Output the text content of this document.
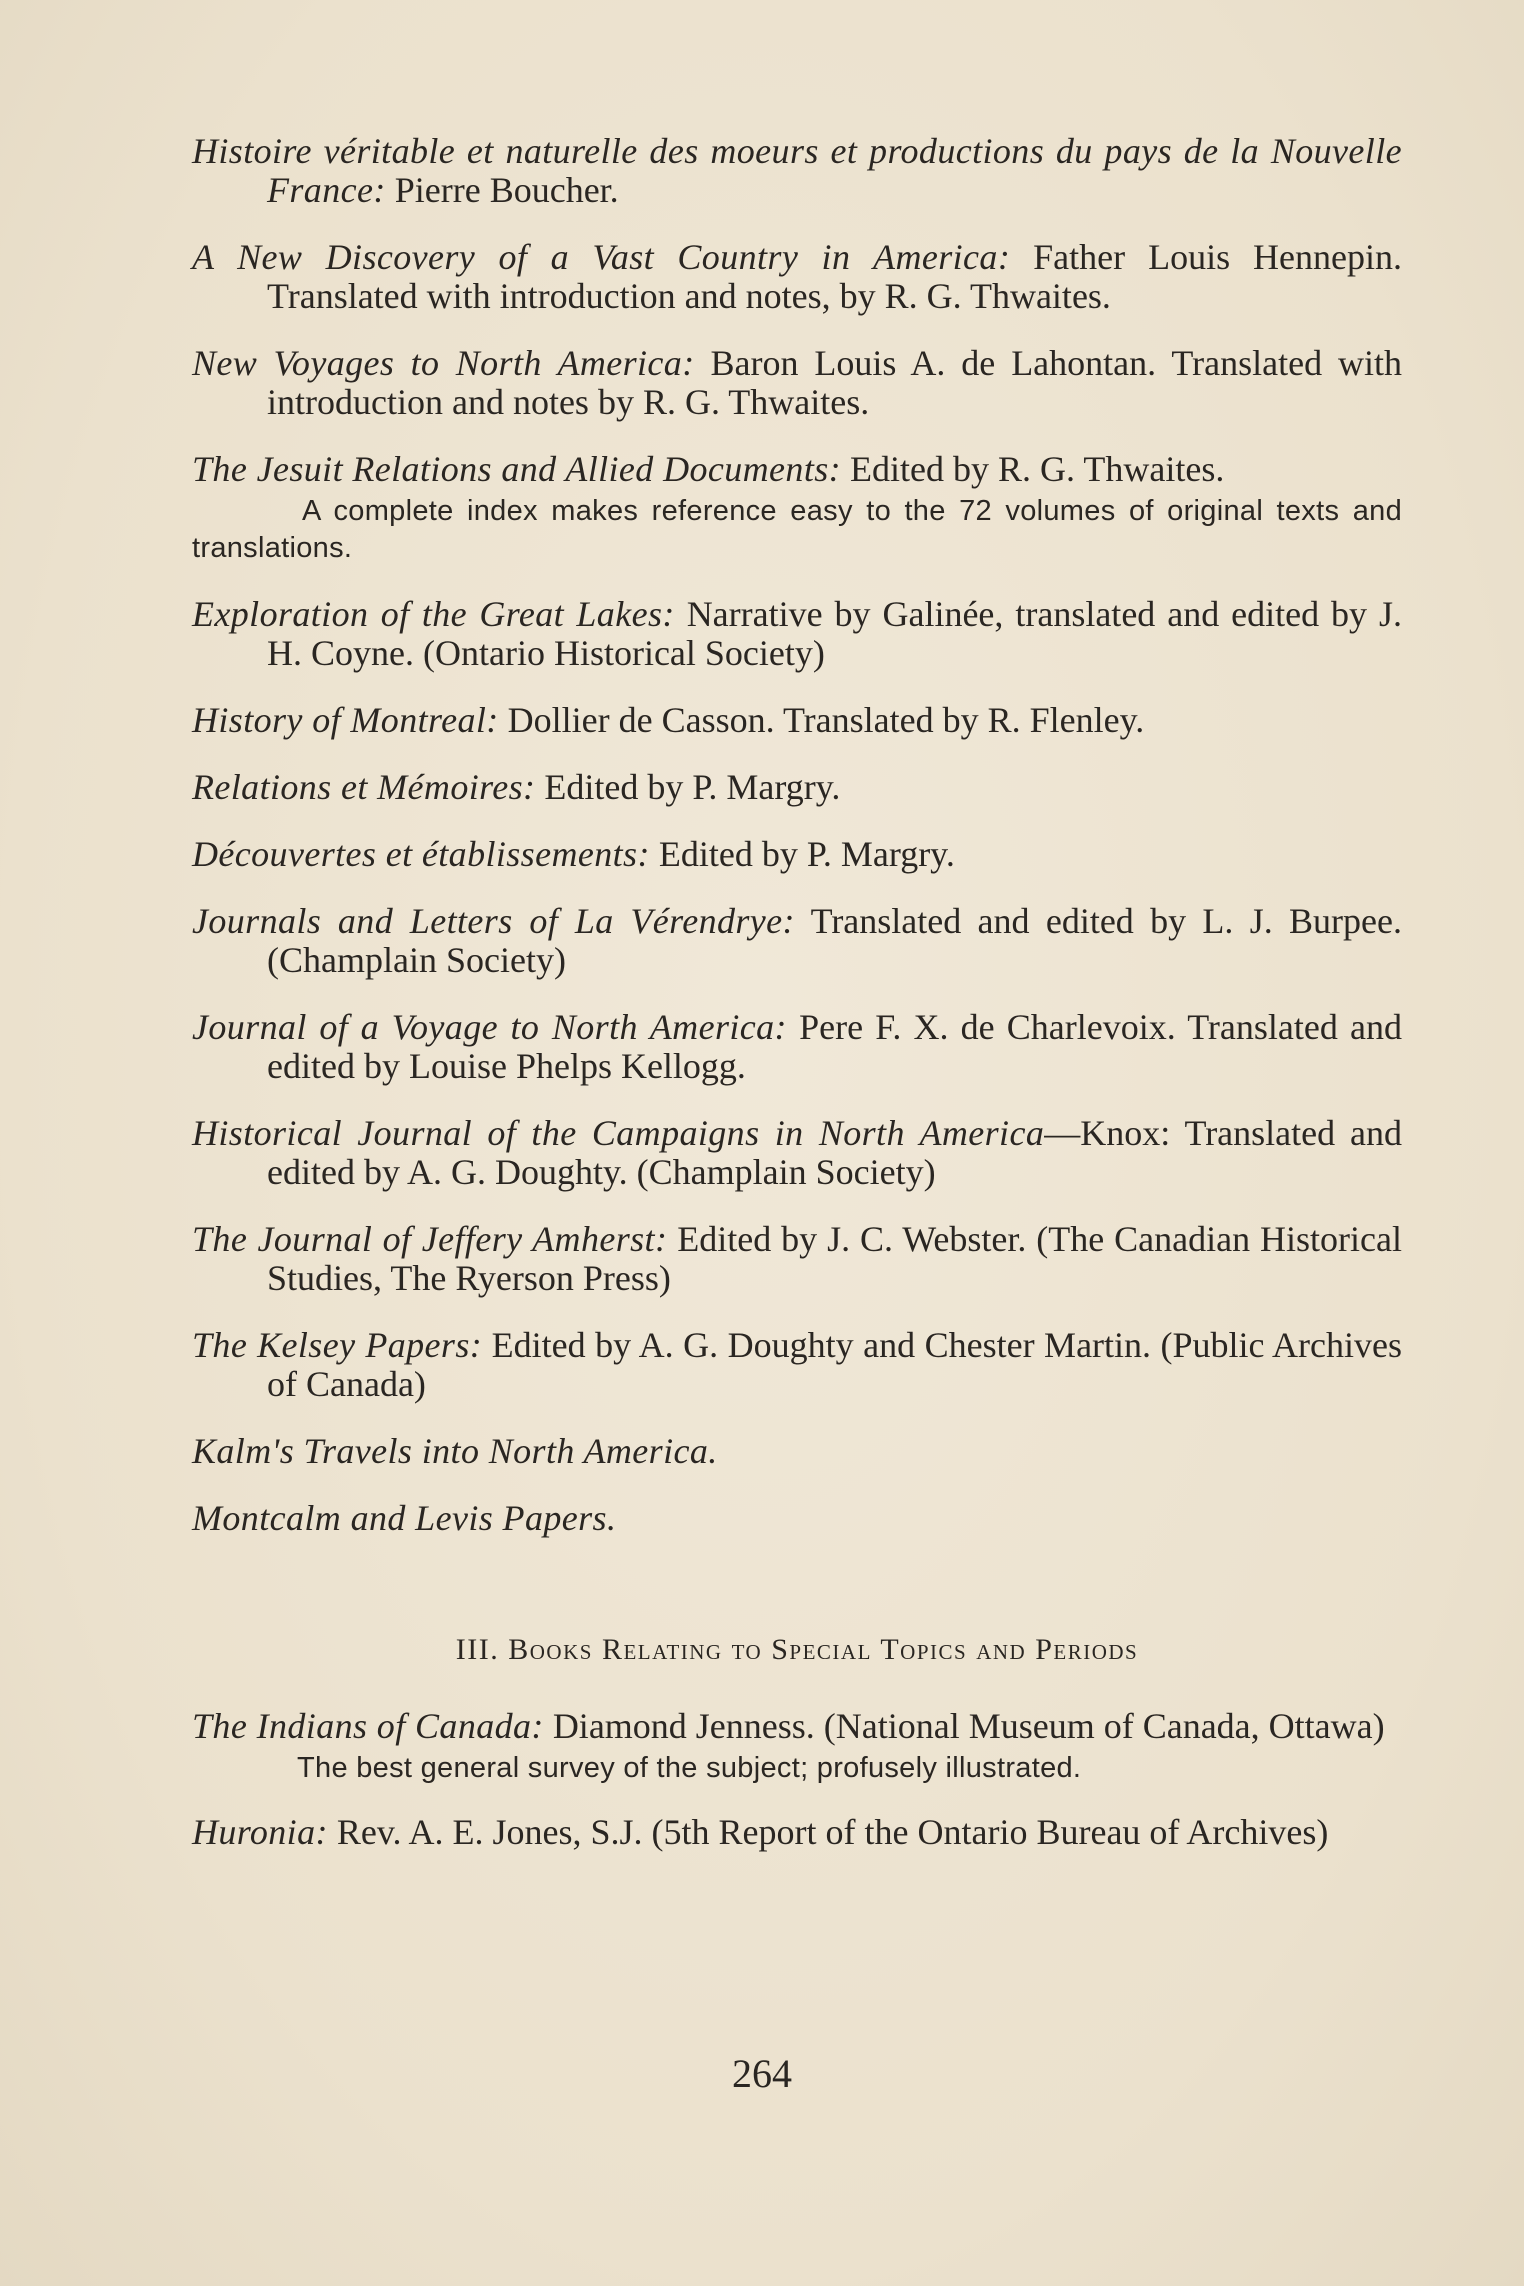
Histoire véritable et naturelle des moeurs et productions du pays de la Nouvelle France: Pierre Boucher.

A New Discovery of a Vast Country in America: Father Louis Hennepin. Translated with introduction and notes, by R. G. Thwaites.

New Voyages to North America: Baron Louis A. de Lahontan. Translated with introduction and notes by R. G. Thwaites.

The Jesuit Relations and Allied Documents: Edited by R. G. Thwaites.

A complete index makes reference easy to the 72 volumes of original texts and translations.

Exploration of the Great Lakes: Narrative by Galinée, translated and edited by J. H. Coyne. (Ontario Historical Society)

History of Montreal: Dollier de Casson. Translated by R. Flenley.

Relations et Mémoires: Edited by P. Margry.

Découvertes et établissements: Edited by P. Margry.

Journals and Letters of La Vérendrye: Translated and edited by L. J. Burpee. (Champlain Society)

Journal of a Voyage to North America: Pere F. X. de Charlevoix. Translated and edited by Louise Phelps Kellogg.

Historical Journal of the Campaigns in North America—Knox: Translated and edited by A. G. Doughty. (Champlain Society)

The Journal of Jeffery Amherst: Edited by J. C. Webster. (The Canadian Historical Studies, The Ryerson Press)

The Kelsey Papers: Edited by A. G. Doughty and Chester Martin. (Public Archives of Canada)

Kalm's Travels into North America.

Montcalm and Levis Papers.

III. Books Relating to Special Topics and Periods

The Indians of Canada: Diamond Jenness. (National Museum of Canada, Ottawa)

The best general survey of the subject; profusely illustrated.

Huronia: Rev. A. E. Jones, S.J. (5th Report of the Ontario Bureau of Archives)

264
